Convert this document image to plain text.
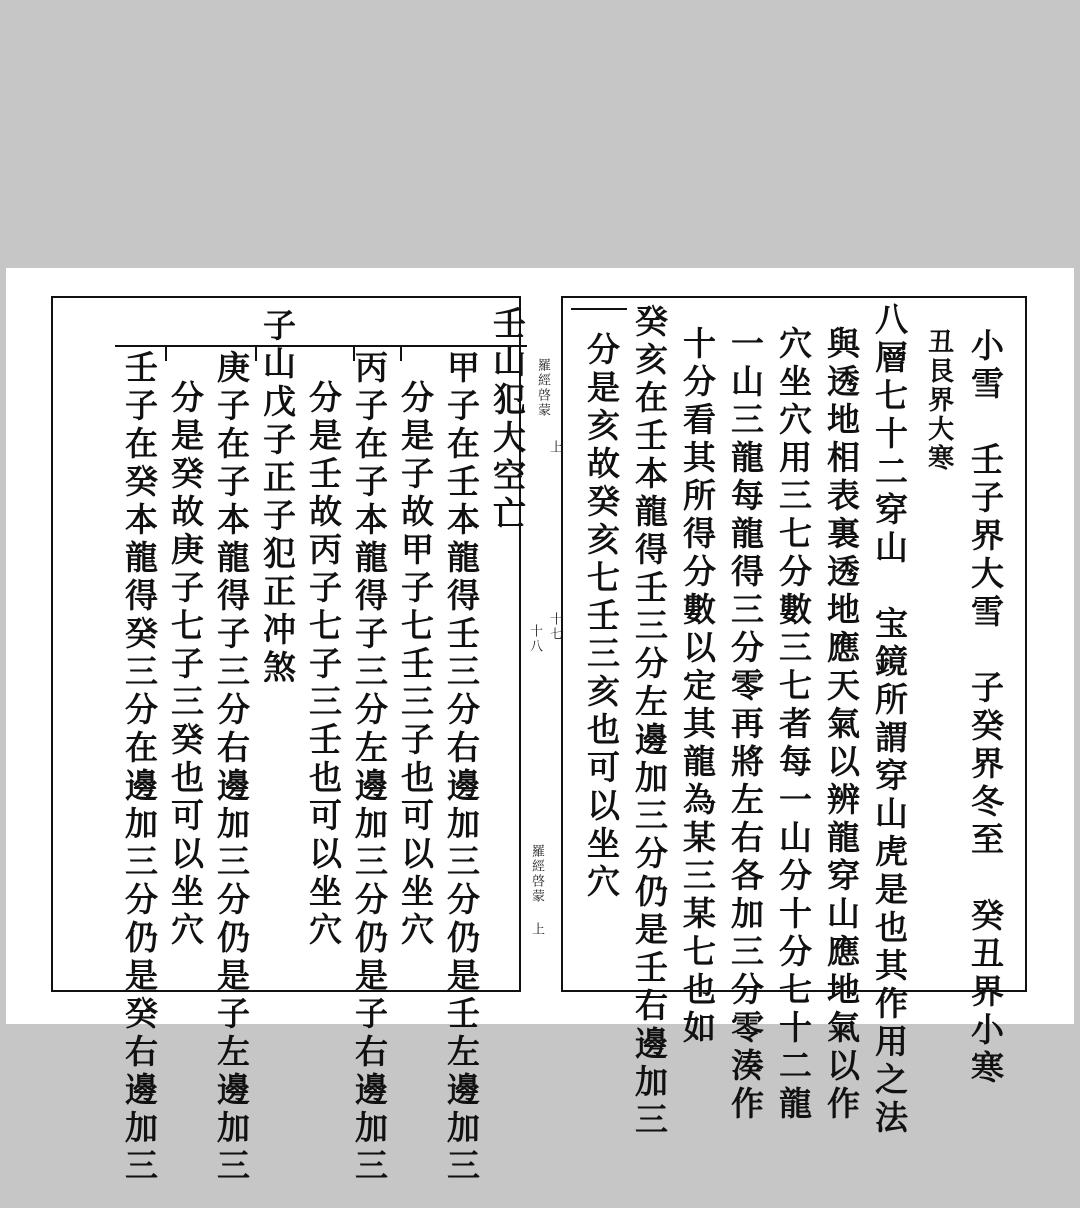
壬山犯大空亡
甲子在壬本龍得壬三分右邊加三分仍是壬左邊加三
分是子故甲子七壬三子也可以坐穴
丙子在子本龍得子三分左邊加三分仍是子右邊加三
分是壬故丙子七子三壬也可以坐穴
子山戊子正子犯正冲煞
庚子在子本龍得子三分右邊加三分仍是子左邊加三
分是癸故庚子七子三癸也可以坐穴
壬子在癸本龍得癸三分在邊加三分仍是癸右邊加三	羅經啓蒙
上
十七
十八
羅經啓蒙
上	小雪　壬子界大雪　子癸界冬至　癸丑界小寒
丑艮界大寒
八層七十二穿山　宝鏡所謂穿山虎是也其作用之法
與透地相表裏透地應天氣以辨龍穿山應地氣以作
穴坐穴用三七分數三七者每一山分十分七十二龍
一山三龍每龍得三分零再將左右各加三分零湊作
十分看其所得分數以定其龍為某三某七也如
癸亥在壬本龍得壬三分左邊加三分仍是壬右邊加三
分是亥故癸亥七壬三亥也可以坐穴
